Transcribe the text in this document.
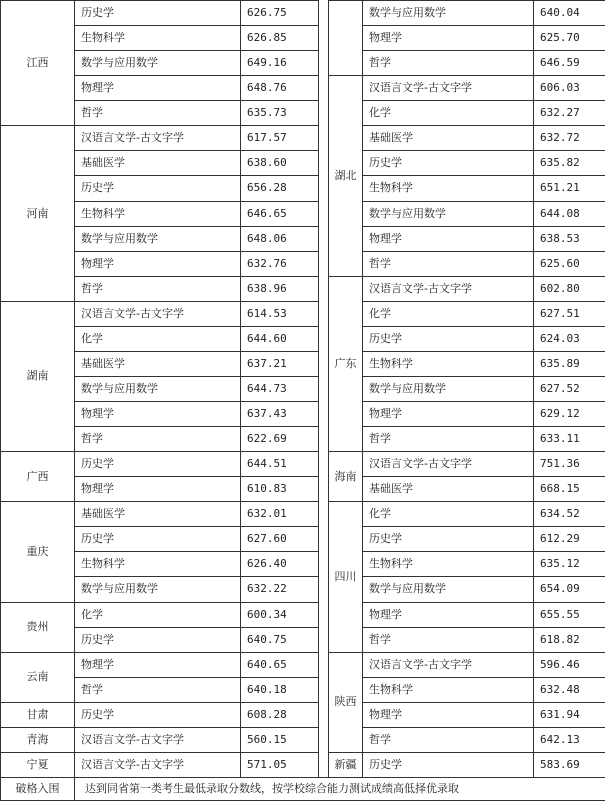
江西	历史学	626.75			数学与应用数学	640.04
	生物科学	626.85			物理学	625.70
	数学与应用数学	649.16			哲学	646.59
	物理学	648.76		湖北	汉语言文学-古文字学	606.03
	哲学	635.73			化学	632.27
河南	汉语言文学-古文字学	617.57			基础医学	632.72
	基础医学	638.60			历史学	635.82
	历史学	656.28			生物科学	651.21
	生物科学	646.65			数学与应用数学	644.08
	数学与应用数学	648.06			物理学	638.53
	物理学	632.76			哲学	625.60
	哲学	638.96		广东	汉语言文学-古文字学	602.80
湖南	汉语言文学-古文字学	614.53			化学	627.51
	化学	644.60			历史学	624.03
	基础医学	637.21			生物科学	635.89
	数学与应用数学	644.73			数学与应用数学	627.52
	物理学	637.43			物理学	629.12
	哲学	622.69			哲学	633.11
广西	历史学	644.51		海南	汉语言文学-古文字学	751.36
	物理学	610.83			基础医学	668.15
重庆	基础医学	632.01		四川	化学	634.52
	历史学	627.60			历史学	612.29
	生物科学	626.40			生物科学	635.12
	数学与应用数学	632.22			数学与应用数学	654.09
贵州	化学	600.34			物理学	655.55
	历史学	640.75			哲学	618.82
云南	物理学	640.65		陕西	汉语言文学-古文字学	596.46
	哲学	640.18			生物科学	632.48
甘肃	历史学	608.28			物理学	631.94
青海	汉语言文学-古文字学	560.15			哲学	642.13
宁夏	汉语言文学-古文字学	571.05		新疆	历史学	583.69
破格入围	达到同省第一类考生最低录取分数线，按学校综合能力测试成绩高低择优录取					
